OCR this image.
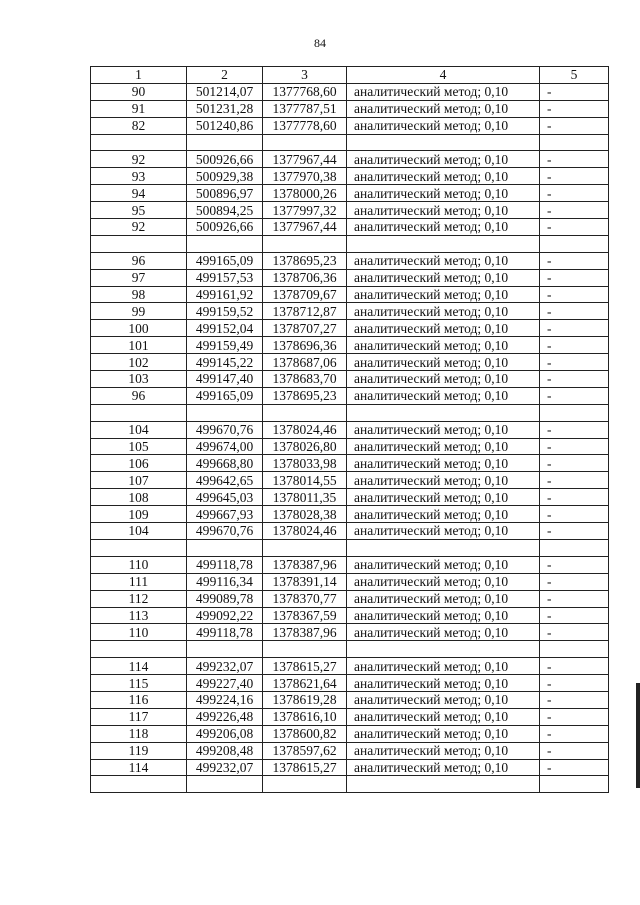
84
1	2	3	4	5
90	501214,07	1377768,60	аналитический метод; 0,10	-
91	501231,28	1377787,51	аналитический метод; 0,10	-
82	501240,86	1377778,60	аналитический метод; 0,10	-

92	500926,66	1377967,44	аналитический метод; 0,10	-
93	500929,38	1377970,38	аналитический метод; 0,10	-
94	500896,97	1378000,26	аналитический метод; 0,10	-
95	500894,25	1377997,32	аналитический метод; 0,10	-
92	500926,66	1377967,44	аналитический метод; 0,10	-

96	499165,09	1378695,23	аналитический метод; 0,10	-
97	499157,53	1378706,36	аналитический метод; 0,10	-
98	499161,92	1378709,67	аналитический метод; 0,10	-
99	499159,52	1378712,87	аналитический метод; 0,10	-
100	499152,04	1378707,27	аналитический метод; 0,10	-
101	499159,49	1378696,36	аналитический метод; 0,10	-
102	499145,22	1378687,06	аналитический метод; 0,10	-
103	499147,40	1378683,70	аналитический метод; 0,10	-
96	499165,09	1378695,23	аналитический метод; 0,10	-

104	499670,76	1378024,46	аналитический метод; 0,10	-
105	499674,00	1378026,80	аналитический метод; 0,10	-
106	499668,80	1378033,98	аналитический метод; 0,10	-
107	499642,65	1378014,55	аналитический метод; 0,10	-
108	499645,03	1378011,35	аналитический метод; 0,10	-
109	499667,93	1378028,38	аналитический метод; 0,10	-
104	499670,76	1378024,46	аналитический метод; 0,10	-

110	499118,78	1378387,96	аналитический метод; 0,10	-
111	499116,34	1378391,14	аналитический метод; 0,10	-
112	499089,78	1378370,77	аналитический метод; 0,10	-
113	499092,22	1378367,59	аналитический метод; 0,10	-
110	499118,78	1378387,96	аналитический метод; 0,10	-

114	499232,07	1378615,27	аналитический метод; 0,10	-
115	499227,40	1378621,64	аналитический метод; 0,10	-
116	499224,16	1378619,28	аналитический метод; 0,10	-
117	499226,48	1378616,10	аналитический метод; 0,10	-
118	499206,08	1378600,82	аналитический метод; 0,10	-
119	499208,48	1378597,62	аналитический метод; 0,10	-
114	499232,07	1378615,27	аналитический метод; 0,10	-
